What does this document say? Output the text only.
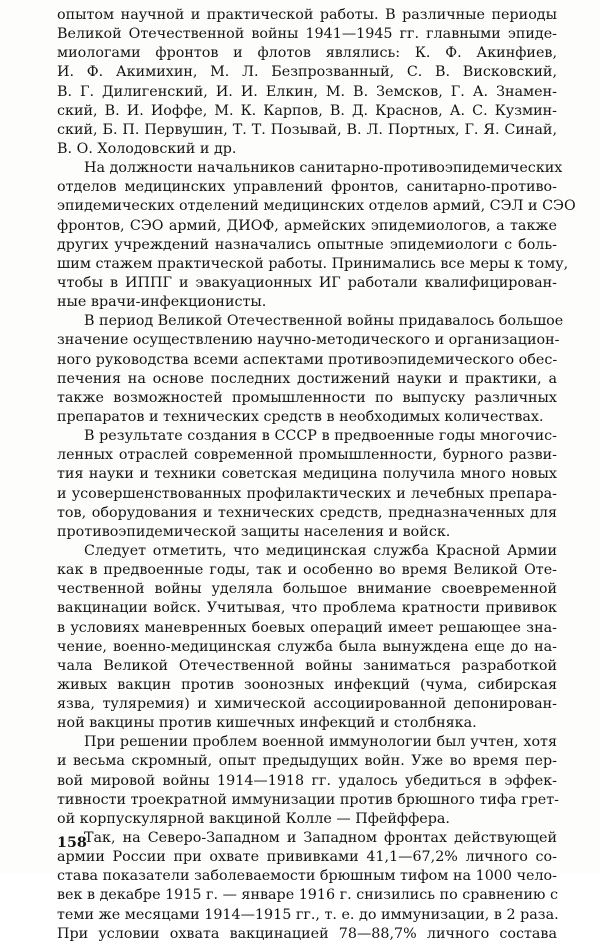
опытом научной и практической работы. В различные периоды
Великой Отечественной войны 1941—1945 гг. главными эпиде-
миологами фронтов и флотов являлись: К. Ф. Акинфиев,
И. Ф. Акимихин, М. Л. Безпрозванный, С. В. Висковский,
В. Г. Дилигенский, И. И. Елкин, М. В. Земсков, Г. А. Знамен-
ский, В. И. Иоффе, М. К. Карпов, В. Д. Краснов, А. С. Кузмин-
ский, Б. П. Первушин, Т. Т. Позывай, В. Л. Портных, Г. Я. Синай,
В. О. Холодовский и др.
На должности начальников санитарно-противоэпидемических
отделов медицинских управлений фронтов, санитарно-противо-
эпидемических отделений медицинских отделов армий, СЭЛ и СЭО
фронтов, СЭО армий, ДИОФ, армейских эпидемиологов, а также
других учреждений назначались опытные эпидемиологи с боль-
шим стажем практической работы. Принимались все меры к тому,
чтобы в ИППГ и эвакуационных ИГ работали квалифицирован-
ные врачи-инфекционисты.
В период Великой Отечественной войны придавалось большое
значение осуществлению научно-методического и организацион-
ного руководства всеми аспектами противоэпидемического обес-
печения на основе последних достижений науки и практики, а
также возможностей промышленности по выпуску различных
препаратов и технических средств в необходимых количествах.
В результате создания в СССР в предвоенные годы многочис-
ленных отраслей современной промышленности, бурного разви-
тия науки и техники советская медицина получила много новых
и усовершенствованных профилактических и лечебных препара-
тов, оборудования и технических средств, предназначенных для
противоэпидемической защиты населения и войск.
Следует отметить, что медицинская служба Красной Армии
как в предвоенные годы, так и особенно во время Великой Оте-
чественной войны уделяла большое внимание своевременной
вакцинации войск. Учитывая, что проблема кратности прививок
в условиях маневренных боевых операций имеет решающее зна-
чение, военно-медицинская служба была вынуждена еще до на-
чала Великой Отечественной войны заниматься разработкой
живых вакцин против зоонозных инфекций (чума, сибирская
язва, туляремия) и химической ассоциированной депонирован-
ной вакцины против кишечных инфекций и столбняка.
При решении проблем военной иммунологии был учтен, хотя
и весьма скромный, опыт предыдущих войн. Уже во время пер-
вой мировой войны 1914—1918 гг. удалось убедиться в эффек-
тивности троекратной иммунизации против брюшного тифа грет-
ой корпускулярной вакциной Колле — Пфейффера.
Так, на Северо-Западном и Западном фронтах действующей
армии России при охвате прививками 41,1—67,2% личного со-
става показатели заболеваемости брюшным тифом на 1000 чело-
век в декабре 1915 г. — январе 1916 г. снизились по сравнению с
теми же месяцами 1914—1915 гг., т. е. до иммунизации, в 2 раза.
При условии охвата вакцинацией 78—88,7% личного состава
158
